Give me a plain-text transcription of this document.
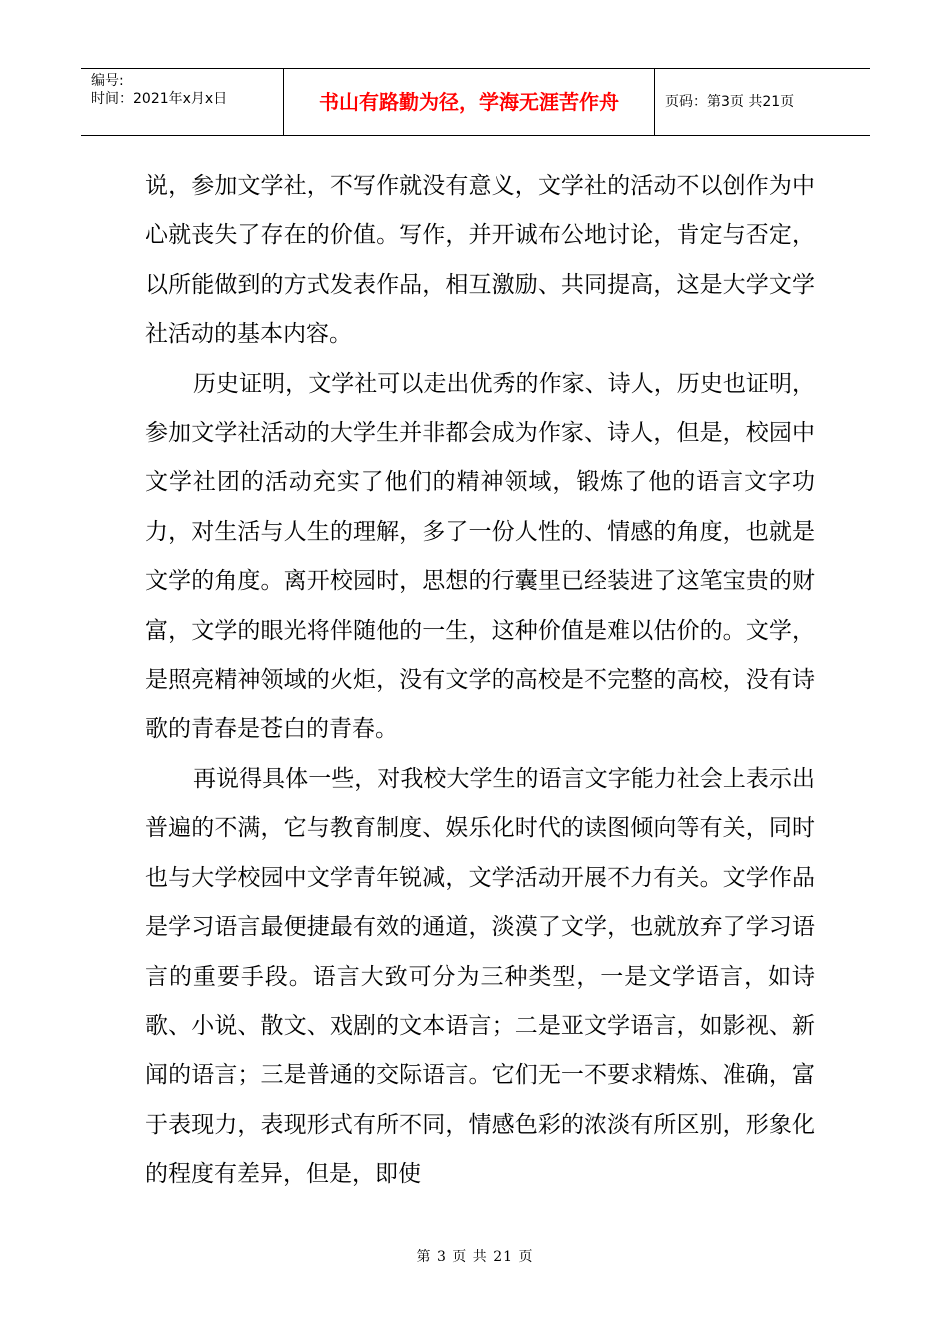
编号:
时间：2021年x月x日	书山有路勤为径，学海无涯苦作舟	页码：第3页 共21页

说，参加文学社，不写作就没有意义，文学社的活动不以创作为中心就丧失了存在的价值。写作，并开诚布公地讨论，肯定与否定，以所能做到的方式发表作品，相互激励、共同提高，这是大学文学社活动的基本内容。

历史证明，文学社可以走出优秀的作家、诗人，历史也证明，参加文学社活动的大学生并非都会成为作家、诗人，但是，校园中文学社团的活动充实了他们的精神领域，锻炼了他的语言文字功力，对生活与人生的理解，多了一份人性的、情感的角度，也就是文学的角度。离开校园时，思想的行囊里已经装进了这笔宝贵的财富，文学的眼光将伴随他的一生，这种价值是难以估价的。文学，是照亮精神领域的火炬，没有文学的高校是不完整的高校，没有诗歌的青春是苍白的青春。

再说得具体一些，对我校大学生的语言文字能力社会上表示出普遍的不满，它与教育制度、娱乐化时代的读图倾向等有关，同时也与大学校园中文学青年锐减，文学活动开展不力有关。文学作品是学习语言最便捷最有效的通道，淡漠了文学，也就放弃了学习语言的重要手段。语言大致可分为三种类型，一是文学语言，如诗歌、小说、散文、戏剧的文本语言；二是亚文学语言，如影视、新闻的语言；三是普通的交际语言。它们无一不要求精炼、准确，富于表现力，表现形式有所不同，情感色彩的浓淡有所区别，形象化的程度有差异，但是，即使

第 3 页 共 21 页
